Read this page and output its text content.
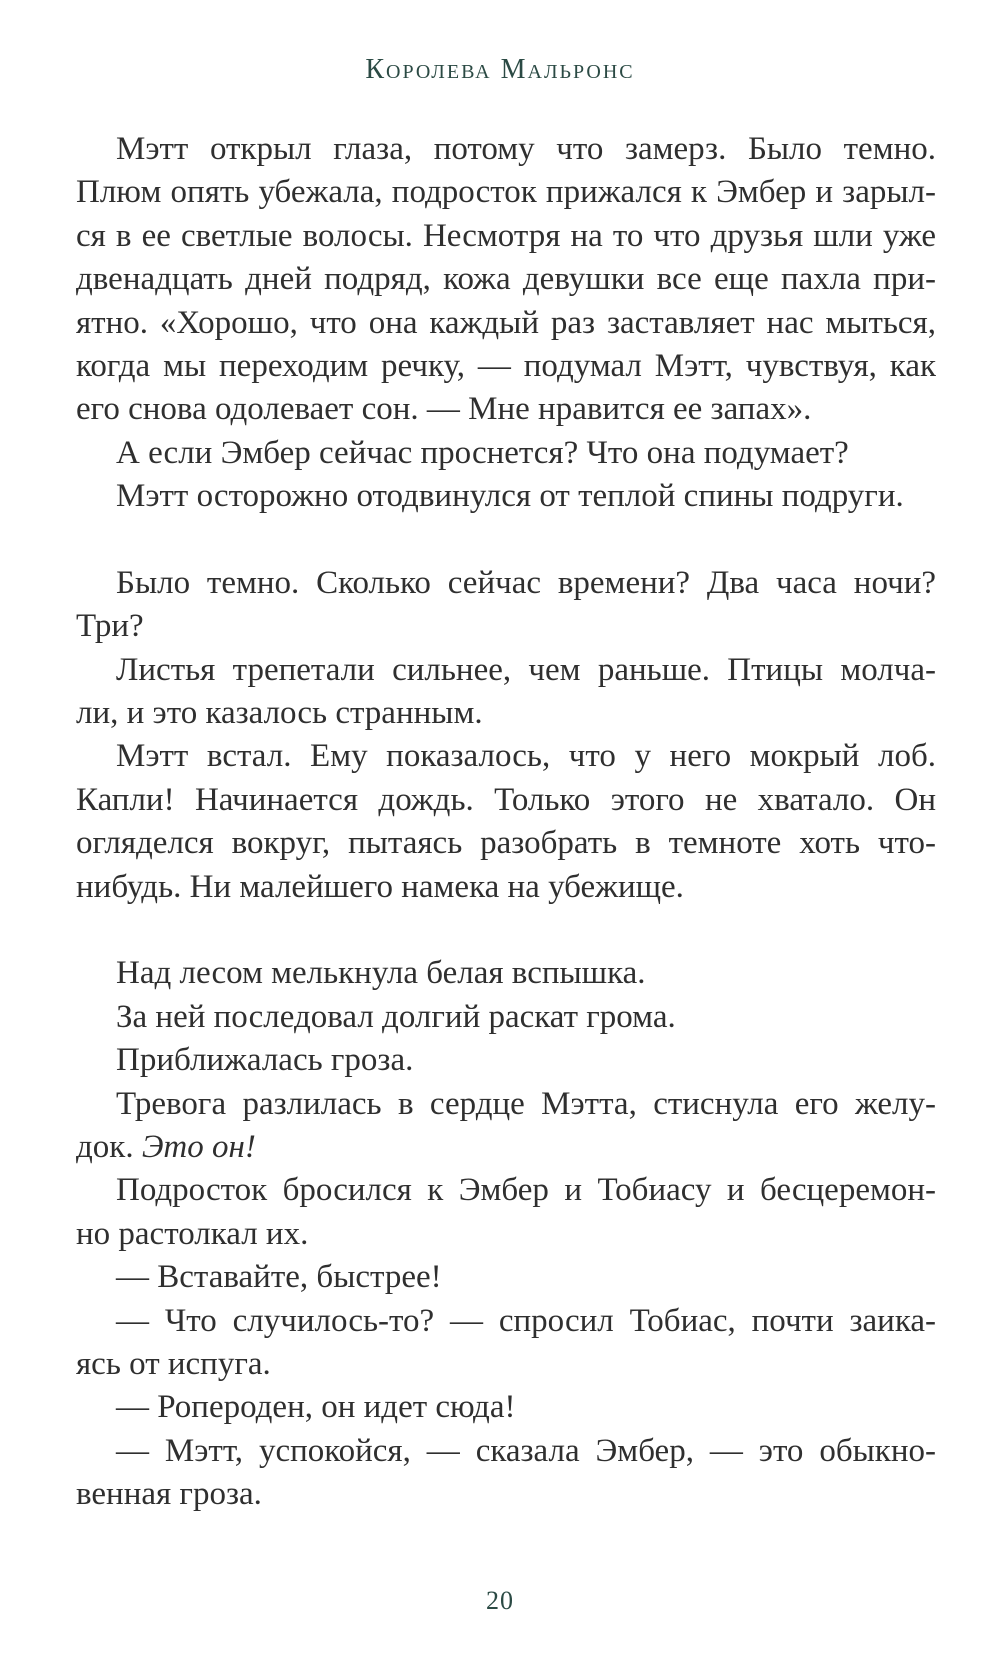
Королева Мальронс
Мэтт открыл глаза, потому что замерз. Было темно.
Плюм опять убежала, подросток прижался к Эмбер и зарыл-
ся в ее светлые волосы. Несмотря на то что друзья шли уже
двенадцать дней подряд, кожа девушки все еще пахла при-
ятно. «Хорошо, что она каждый раз заставляет нас мыться,
когда мы переходим речку, — подумал Мэтт, чувствуя, как
его снова одолевает сон. — Мне нравится ее запах».
А если Эмбер сейчас проснется? Что она подумает?
Мэтт осторожно отодвинулся от теплой спины подруги.
Было темно. Сколько сейчас времени? Два часа ночи?
Три?
Листья трепетали сильнее, чем раньше. Птицы молча-
ли, и это казалось странным.
Мэтт встал. Ему показалось, что у него мокрый лоб.
Капли! Начинается дождь. Только этого не хватало. Он
огляделся вокруг, пытаясь разобрать в темноте хоть что-
нибудь. Ни малейшего намека на убежище.
Над лесом мелькнула белая вспышка.
За ней последовал долгий раскат грома.
Приближалась гроза.
Тревога разлилась в сердце Мэтта, стиснула его желу-
док. Это он!
Подросток бросился к Эмбер и Тобиасу и бесцеремон-
но растолкал их.
— Вставайте, быстрее!
— Что случилось-то? — спросил Тобиас, почти заика-
ясь от испуга.
— Ропероден, он идет сюда!
— Мэтт, успокойся, — сказала Эмбер, — это обыкно-
венная гроза.
20
